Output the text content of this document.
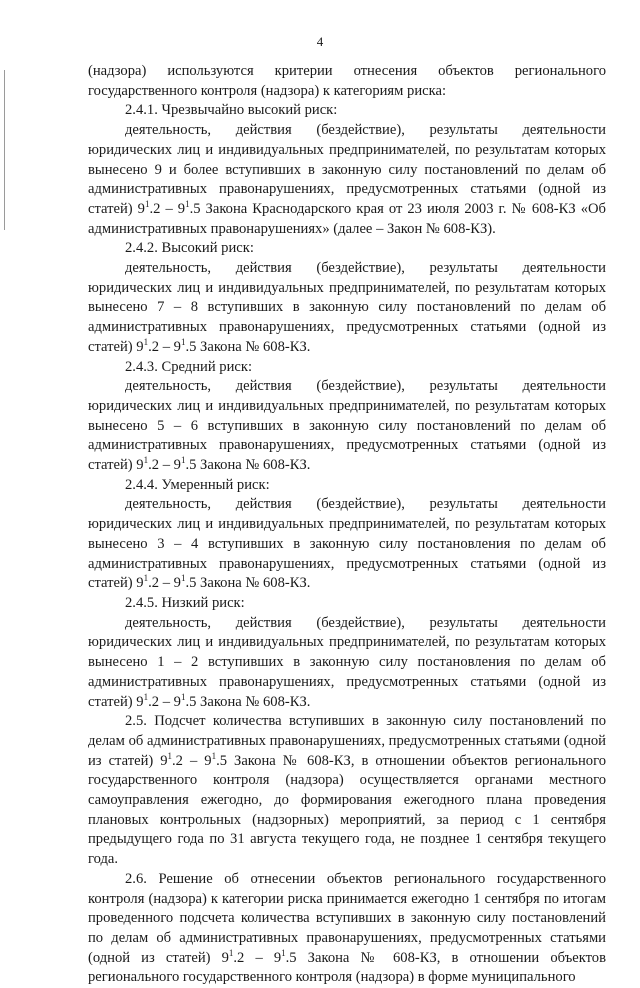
4

(надзора) используются критерии отнесения объектов регионального государственного контроля (надзора) к категориям риска:

2.4.1. Чрезвычайно высокий риск:

деятельность, действия (бездействие), результаты деятельности юридических лиц и индивидуальных предпринимателей, по результатам которых вынесено 9 и более вступивших в законную силу постановлений по делам об административных правонарушениях, предусмотренных статьями (одной из статей) $9^1.2 - 9^1.5$ Закона Краснодарского края от 23 июля 2003 г. № 608-КЗ «Об административных правонарушениях» (далее – Закон № 608-КЗ).

2.4.2. Высокий риск:

деятельность, действия (бездействие), результаты деятельности юридических лиц и индивидуальных предпринимателей, по результатам которых вынесено 7 – 8 вступивших в законную силу постановлений по делам об административных правонарушениях, предусмотренных статьями (одной из статей) $9^1.2 - 9^1.5$ Закона № 608-КЗ.

2.4.3. Средний риск:

деятельность, действия (бездействие), результаты деятельности юридических лиц и индивидуальных предпринимателей, по результатам которых вынесено 5 – 6 вступивших в законную силу постановлений по делам об административных правонарушениях, предусмотренных статьями (одной из статей) $9^1.2 - 9^1.5$ Закона № 608-КЗ.

2.4.4. Умеренный риск:

деятельность, действия (бездействие), результаты деятельности юридических лиц и индивидуальных предпринимателей, по результатам которых вынесено 3 – 4 вступивших в законную силу постановления по делам об административных правонарушениях, предусмотренных статьями (одной из статей) $9^1.2 - 9^1.5$ Закона № 608-КЗ.

2.4.5. Низкий риск:

деятельность, действия (бездействие), результаты деятельности юридических лиц и индивидуальных предпринимателей, по результатам которых вынесено 1 – 2 вступивших в законную силу постановления по делам об административных правонарушениях, предусмотренных статьями (одной из статей) $9^1.2 - 9^1.5$ Закона № 608-КЗ.

2.5. Подсчет количества вступивших в законную силу постановлений по делам об административных правонарушениях, предусмотренных статьями (одной из статей) $9^1.2 - 9^1.5$ Закона № 608-КЗ, в отношении объектов регионального государственного контроля (надзора) осуществляется органами местного самоуправления ежегодно, до формирования ежегодного плана проведения плановых контрольных (надзорных) мероприятий, за период с 1 сентября предыдущего года по 31 августа текущего года, не позднее 1 сентября текущего года.

2.6. Решение об отнесении объектов регионального государственного контроля (надзора) к категории риска принимается ежегодно 1 сентября по итогам проведенного подсчета количества вступивших в законную силу постановлений по делам об административных правонарушениях, предусмотренных статьями (одной из статей) $9^1.2 - 9^1.5$ Закона № 608-КЗ, в отношении объектов регионального государственного контроля (надзора) в форме муниципального
